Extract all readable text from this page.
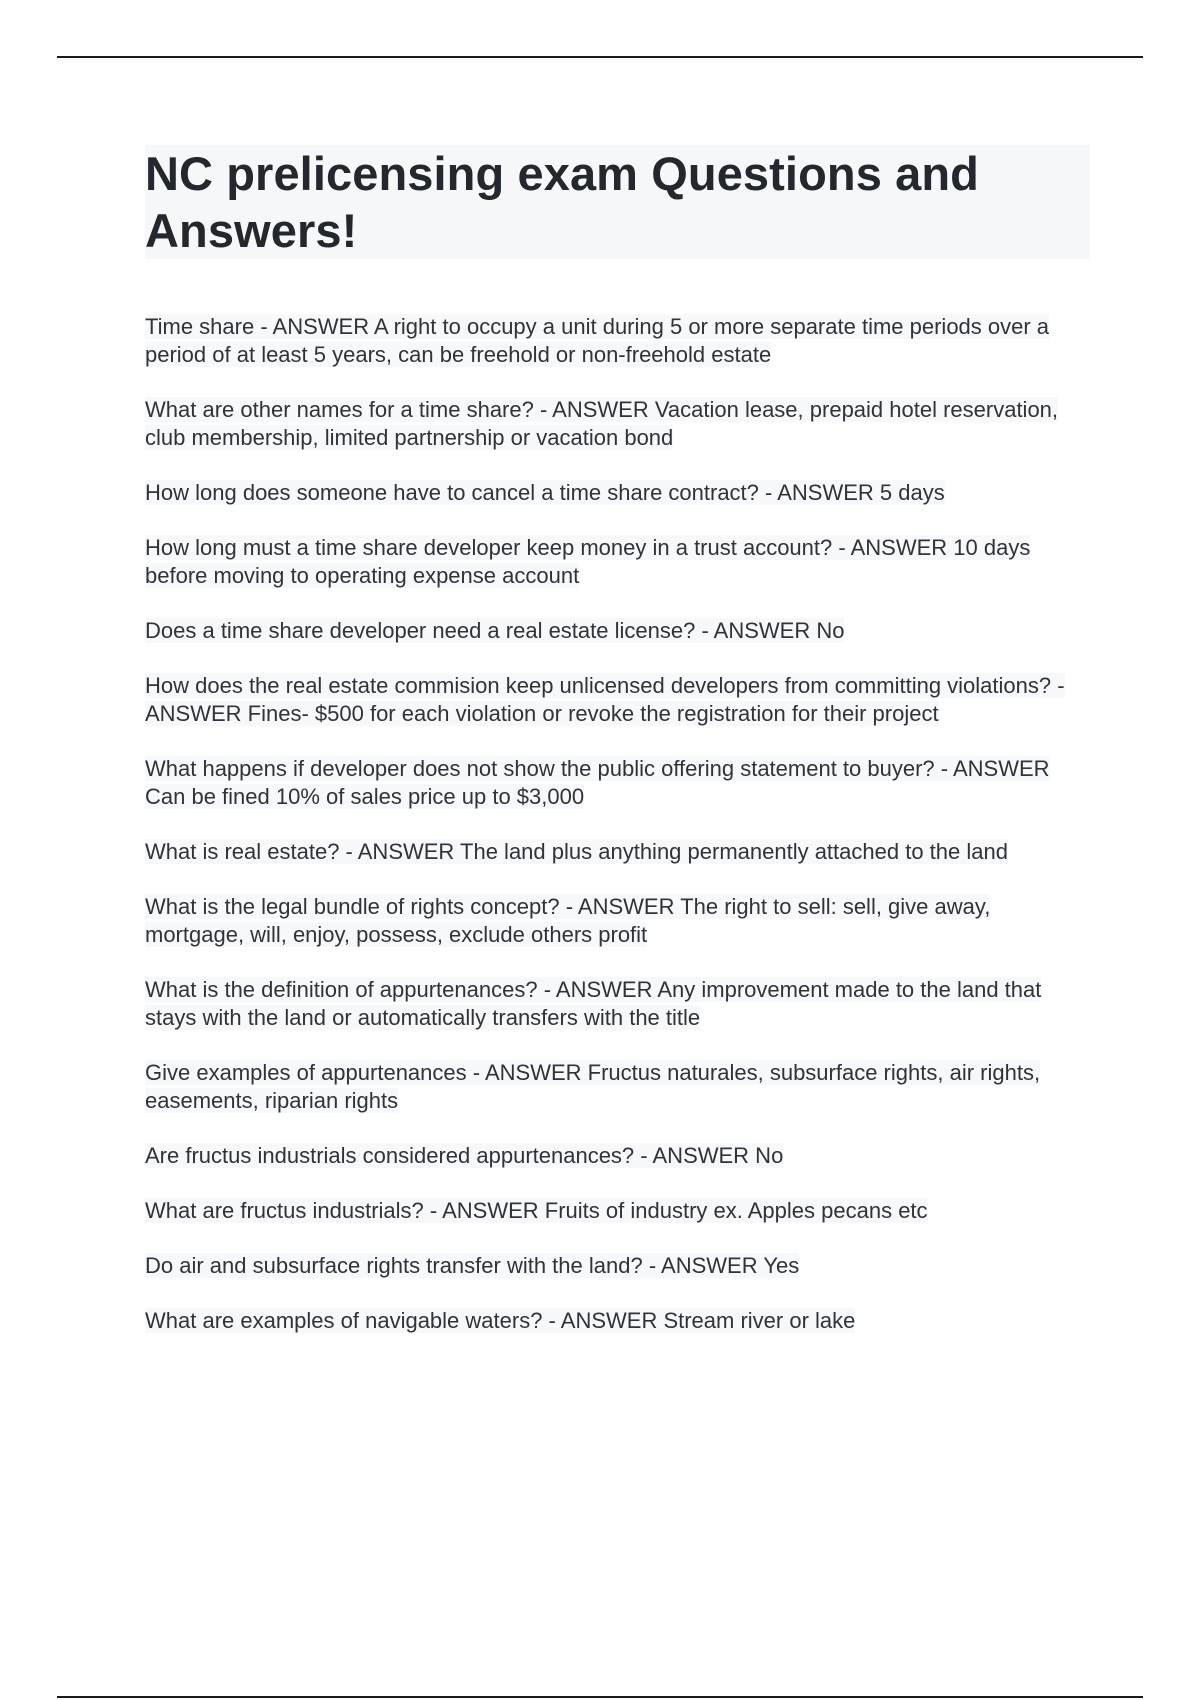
NC prelicensing exam Questions and Answers!

Time share - ANSWER A right to occupy a unit during 5 or more separate time periods over a period of at least 5 years, can be freehold or non-freehold estate

What are other names for a time share? - ANSWER Vacation lease, prepaid hotel reservation, club membership, limited partnership or vacation bond

How long does someone have to cancel a time share contract? - ANSWER 5 days

How long must a time share developer keep money in a trust account? - ANSWER 10 days before moving to operating expense account

Does a time share developer need a real estate license? - ANSWER No

How does the real estate commision keep unlicensed developers from committing violations? - ANSWER Fines- $500 for each violation or revoke the registration for their project

What happens if developer does not show the public offering statement to buyer? - ANSWER Can be fined 10% of sales price up to $3,000

What is real estate? - ANSWER The land plus anything permanently attached to the land

What is the legal bundle of rights concept? - ANSWER The right to sell: sell, give away, mortgage, will, enjoy, possess, exclude others profit

What is the definition of appurtenances? - ANSWER Any improvement made to the land that stays with the land or automatically transfers with the title

Give examples of appurtenances - ANSWER Fructus naturales, subsurface rights, air rights, easements, riparian rights

Are fructus industrials considered appurtenances? - ANSWER No

What are fructus industrials? - ANSWER Fruits of industry ex. Apples pecans etc

Do air and subsurface rights transfer with the land? - ANSWER Yes

What are examples of navigable waters? - ANSWER Stream river or lake
